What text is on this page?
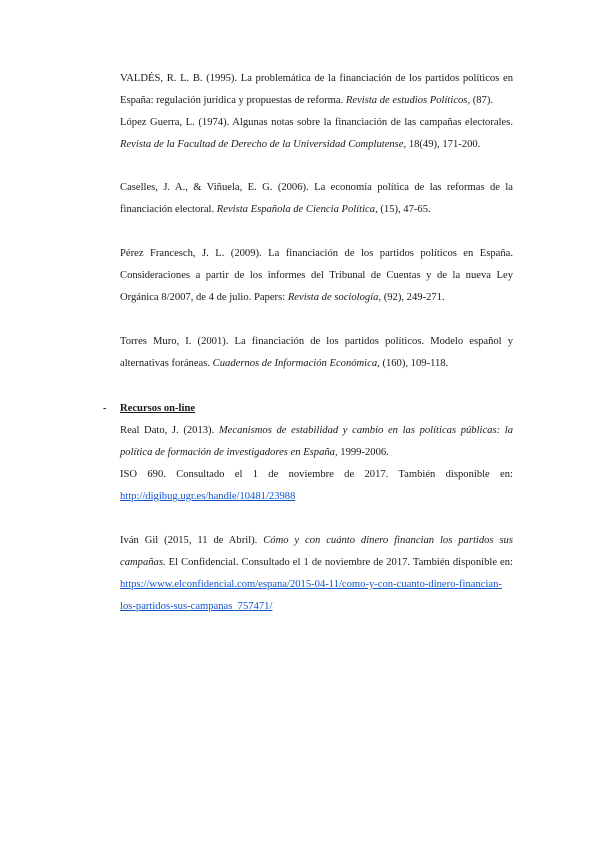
VALDÉS, R. L. B. (1995). La problemática de la financiación de los partidos políticos en España: regulación jurídica y propuestas de reforma. Revista de estudios Políticos, (87).
López Guerra, L. (1974). Algunas notas sobre la financiación de las campañas electorales. Revista de la Facultad de Derecho de la Universidad Complutense, 18(49), 171-200.
Caselles, J. A., & Viñuela, E. G. (2006). La economía política de las reformas de la financiación electoral. Revista Española de Ciencia Política, (15), 47-65.
Pérez Francesch, J. L. (2009). La financiación de los partidos políticos en España. Consideraciones a partir de los informes del Tribunal de Cuentas y de la nueva Ley Orgánica 8/2007, de 4 de julio. Papers: Revista de sociología, (92), 249-271.
Torres Muro, I. (2001). La financiación de los partidos políticos. Modelo español y alternativas foráneas. Cuadernos de Información Económica, (160), 109-118.
- Recursos on-line
Real Dato, J. (2013). Mecanismos de estabilidad y cambio en las políticas públicas: la política de formación de investigadores en España, 1999-2006.
ISO 690. Consultado el 1 de noviembre de 2017. También disponible en: http://digibug.ugr.es/handle/10481/23988
Iván Gil (2015, 11 de Abril). Cómo y con cuánto dinero financian los partidos sus campañas. El Confidencial. Consultado el 1 de noviembre de 2017. También disponible en: https://www.elconfidencial.com/espana/2015-04-11/como-y-con-cuanto-dinero-financian-los-partidos-sus-campanas_757471/
